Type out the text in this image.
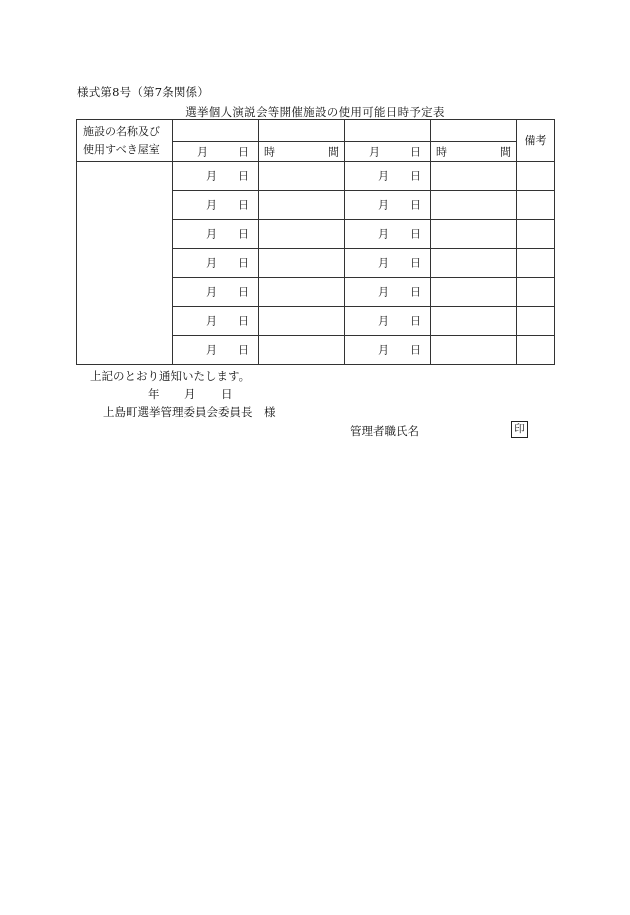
様式第8号（第7条関係）
選挙個人演説会等開催施設の使用可能日時予定表
施設の名称及び
使用すべき屋室					備考

	月 日	時 間	月 日	時 間	

	月 日		月 日		

	月 日		月 日		

	月 日		月 日		

	月 日		月 日		

	月 日		月 日		

	月 日		月 日		

	月 日		月 日		

上記のとおり通知いたします。
年 月 日
上島町選挙管理委員会委員長　様
管理者職氏名	印
